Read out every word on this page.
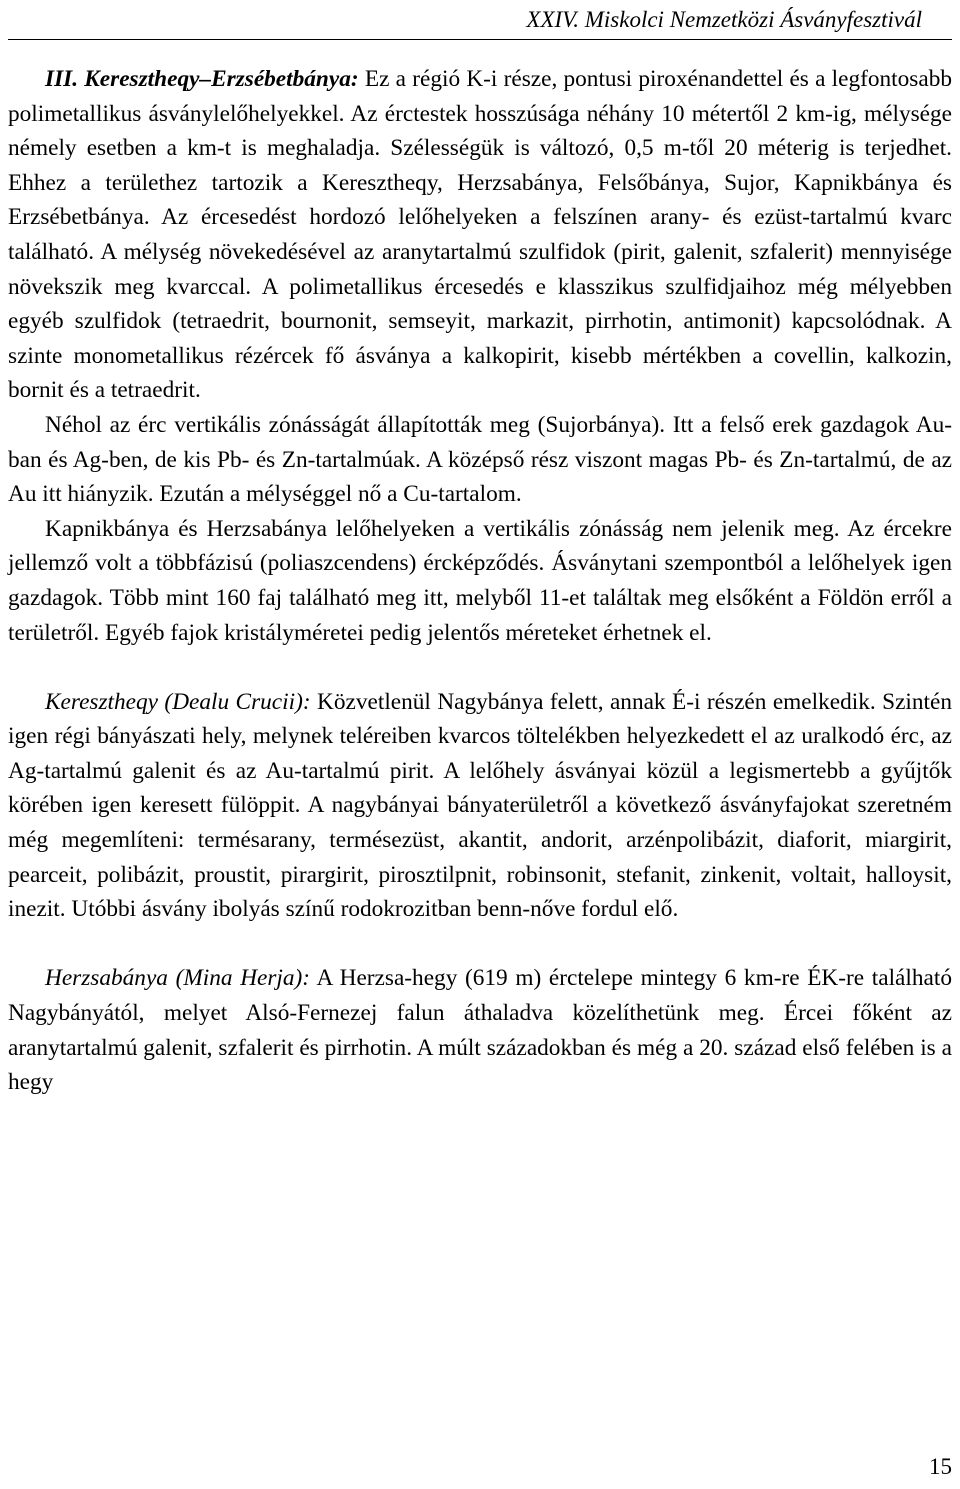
XXIV. Miskolci Nemzetközi Ásványfesztivál

III. Keresztheqy–Erzsébetbánya: Ez a régió K-i része, pontusi piroxénandettel és a legfontosabb polimetallikus ásványlelőhelyekkel. Az érctestek hosszúsága néhány 10 métertől 2 km-ig, mélysége némely esetben a km-t is meghaladja. Szélességük is változó, 0,5 m-től 20 méterig is terjedhet. Ehhez a területhez tartozik a Keresztheqy, Herzsabánya, Felsőbánya, Sujor, Kapnikbánya és Erzsébetbánya. Az ércesedést hordozó lelőhelyeken a felszínen arany- és ezüst-tartalmú kvarc található. A mélység növekedésével az aranytartalmú szulfidok (pirit, galenit, szfalerit) mennyisége növekszik meg kvarccal. A polimetallikus ércesedés e klasszikus szulfidjaihoz még mélyebben egyéb szulfidok (tetraedrit, bournonit, semseyit, markazit, pirrhotin, antimonit) kapcsolódnak. A szinte monometallikus rézércek fő ásványa a kalkopirit, kisebb mértékben a covellin, kalkozin, bornit és a tetraedrit.

Néhol az érc vertikális zónásságát állapították meg (Sujorbánya). Itt a felső erek gazdagok Au-ban és Ag-ben, de kis Pb- és Zn-tartalmúak. A középső rész viszont magas Pb- és Zn-tartalmú, de az Au itt hiányzik. Ezután a mélységgel nő a Cu-tartalom.

Kapnikbánya és Herzsabánya lelőhelyeken a vertikális zónásság nem jelenik meg. Az ércekre jellemző volt a többfázisú (poliaszcendens) ércképződés. Ásványtani szempontból a lelőhelyek igen gazdagok. Több mint 160 faj található meg itt, melyből 11-et találtak meg elsőként a Földön erről a területről. Egyéb fajok kristályméretei pedig jelentős méreteket érhetnek el.

Keresztheqy (Dealu Crucii): Közvetlenül Nagybánya felett, annak É-i részén emelkedik. Szintén igen régi bányászati hely, melynek teléreiben kvarcos töltelékben helyezkedett el az uralkodó érc, az Ag-tartalmú galenit és az Au-tartalmú pirit. A lelőhely ásványai közül a legismertebb a gyűjtők körében igen keresett fülöppit. A nagybányai bányaterületről a következő ásványfajokat szeretném még megemlíteni: termésarany, termésezüst, akantit, andorit, arzénpolibázit, diaforit, miargirit, pearceit, polibázit, proustit, pirargirit, pirosztilpnit, robinsonit, stefanit, zinkenit, voltait, halloysit, inezit. Utóbbi ásvány ibolyás színű rodokrozitban benn-nőve fordul elő.

Herzsabánya (Mina Herja): A Herzsa-hegy (619 m) érctelepe mintegy 6 km-re ÉK-re található Nagybányától, melyet Alsó-Fernezej falun áthaladva közelíthetünk meg. Ércei főként az aranytartalmú galenit, szfalerit és pirrhotin. A múlt századokban és még a 20. század első felében is a hegy

15
